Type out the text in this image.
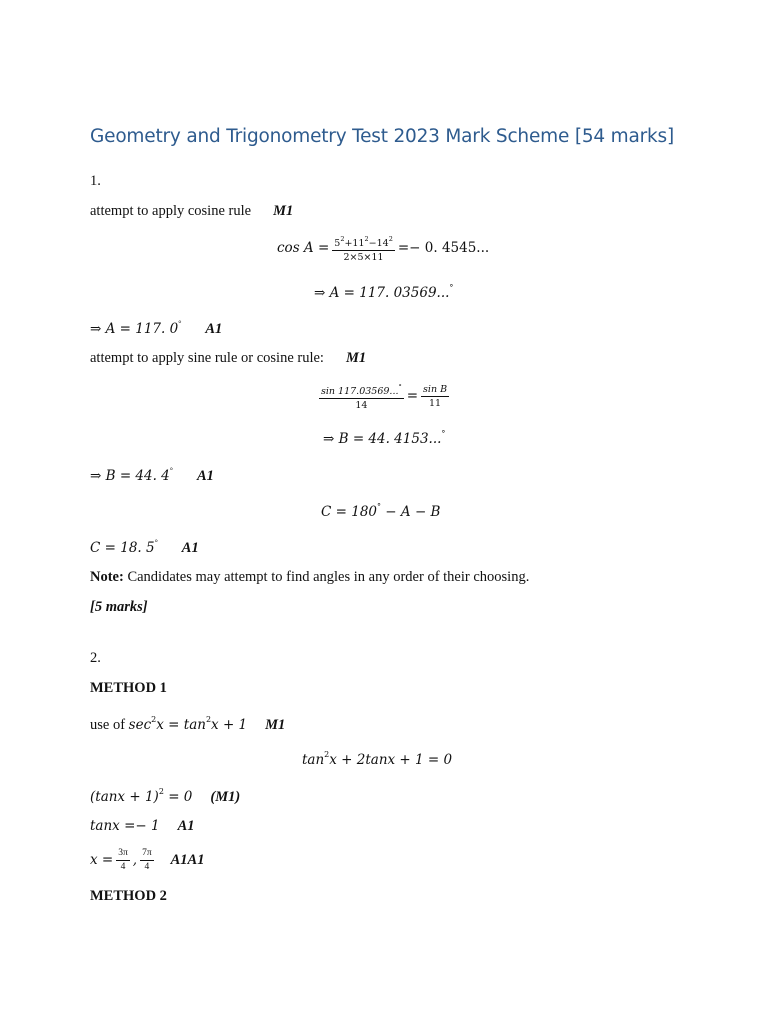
Geometry and Trigonometry Test 2023 Mark Scheme [54 marks]
1.
attempt to apply cosine rule M1
$\cos A = \frac{5^2+11^2-14^2}{2\times 5\times 11} =- 0$. 4545...
⇒ A = 117. 03569...°
⇒ A = 117. 0° A1
attempt to apply sine rule or cosine rule: M1
$\frac{\sin 117.03569...^\circ}{14} = \frac{\text{sin B}}{11}$
⇒ B = 44. 4153...°
⇒ B = 44. 4° A1
C = 180° − A − B
C = 18. 5° A1
Note: Candidates may attempt to find angles in any order of their choosing.
[5 marks]
2.
METHOD 1
use of $\sec^2x = \tan^2x + 1$ M1
$\tan^2x + 2\tan x + 1 = 0$
$(\tan x + 1)^2 = 0$ (M1)
tanx =− 1 A1
$x = \frac{3\pi}{4}$ , $\frac{7\pi}{4} A1A1$
METHOD 2
